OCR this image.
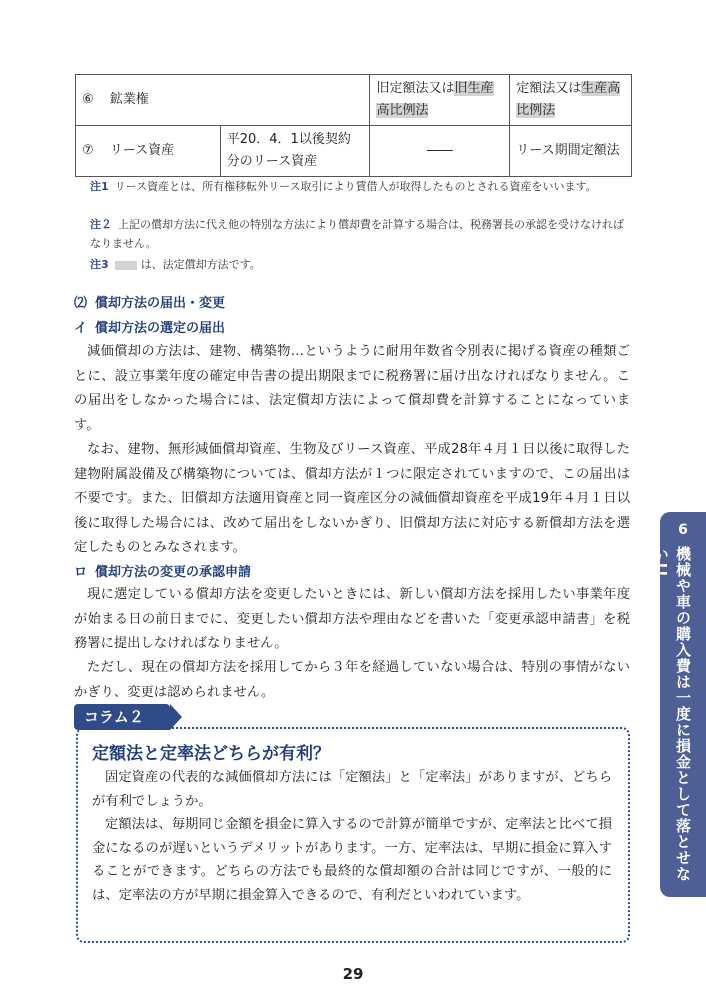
⑥ 鉱業権		旧定額法又は旧生産高比例法	定額法又は生産高比例法
⑦ リース資産	平20．4．1以後契約分のリース資産	――	リース期間定額法
注1 リース資産とは、所有権移転外リース取引により賃借人が取得したものとされる資産をいいます。
注２ 上記の償却方法に代え他の特別な方法により償却費を計算する場合は、税務署長の承認を受けなければなりません。
注3	は、法定償却方法です。
⑵ 償却方法の届出・変更
イ 償却方法の選定の届出
減価償却の方法は、建物、構築物…というように耐用年数省令別表に掲げる資産の種類ごとに、設立事業年度の確定申告書の提出期限までに税務署に届け出なければなりません。この届出をしなかった場合には、法定償却方法によって償却費を計算することになっています。
なお、建物、無形減価償却資産、生物及びリース資産、平成28年４月１日以後に取得した建物附属設備及び構築物については、償却方法が１つに限定されていますので、この届出は不要です。また、旧償却方法適用資産と同一資産区分の減価償却資産を平成19年４月１日以後に取得した場合には、改めて届出をしないかぎり、旧償却方法に対応する新償却方法を選定したものとみなされます。
ロ 償却方法の変更の承認申請
現に選定している償却方法を変更したいときには、新しい償却方法を採用したい事業年度が始まる日の前日までに、変更したい償却方法や理由などを書いた「変更承認申請書」を税務署に提出しなければなりません。
ただし、現在の償却方法を採用してから３年を経過していない場合は、特別の事情がないかぎり、変更は認められません。
6
機械や車の購入費は一度に損金として落とせない!!
コラム２
定額法と定率法どちらが有利？
固定資産の代表的な減価償却方法には「定額法」と「定率法」がありますが、どちらが有利でしょうか。
定額法は、毎期同じ金額を損金に算入するので計算が簡単ですが、定率法と比べて損金になるのが遅いというデメリットがあります。一方、定率法は、早期に損金に算入することができます。どちらの方法でも最終的な償却額の合計は同じですが、一般的には、定率法の方が早期に損金算入できるので、有利だといわれています。
29
